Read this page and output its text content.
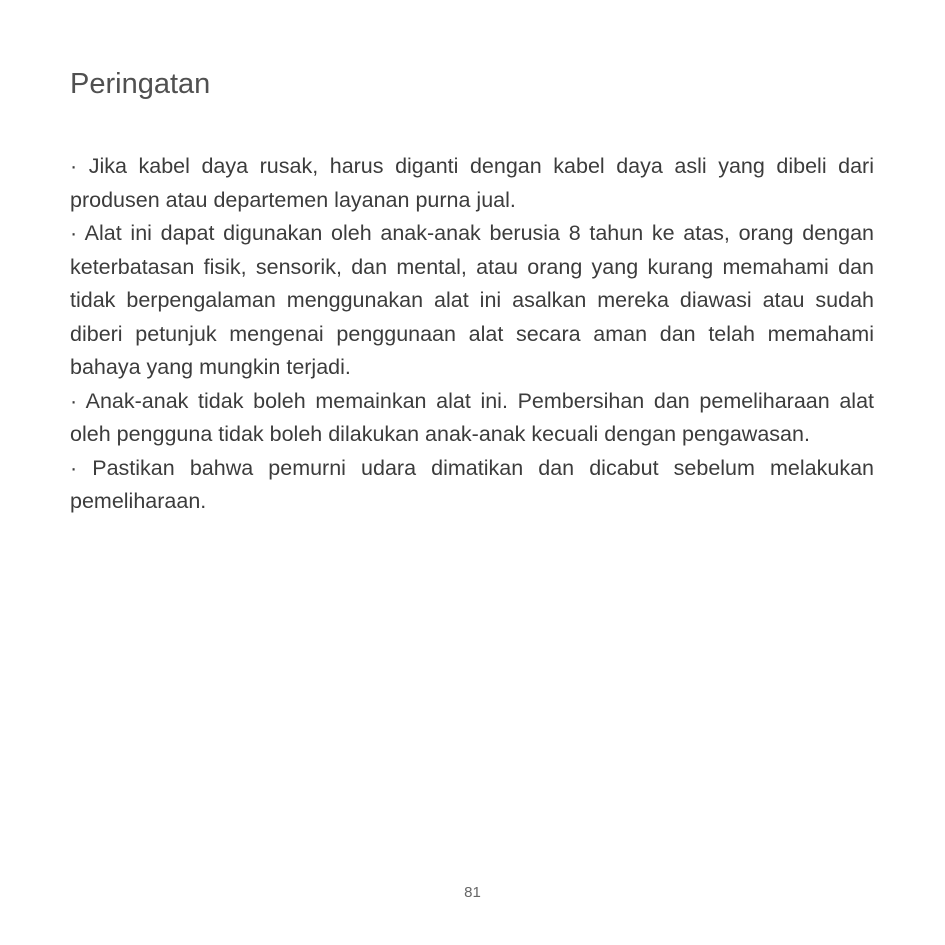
Peringatan

· Jika kabel daya rusak, harus diganti dengan kabel daya asli yang dibeli dari produsen atau departemen layanan purna jual.

· Alat ini dapat digunakan oleh anak-anak berusia 8 tahun ke atas, orang dengan keterbatasan fisik, sensorik, dan mental, atau orang yang kurang memahami dan tidak berpengalaman menggunakan alat ini asalkan mereka diawasi atau sudah diberi petunjuk mengenai penggunaan alat secara aman dan telah memahami bahaya yang mungkin terjadi.

· Anak-anak tidak boleh memainkan alat ini. Pembersihan dan pemeliharaan alat oleh pengguna tidak boleh dilakukan anak-anak kecuali dengan pengawasan.

· Pastikan bahwa pemurni udara dimatikan dan dicabut sebelum melakukan pemeliharaan.

81
